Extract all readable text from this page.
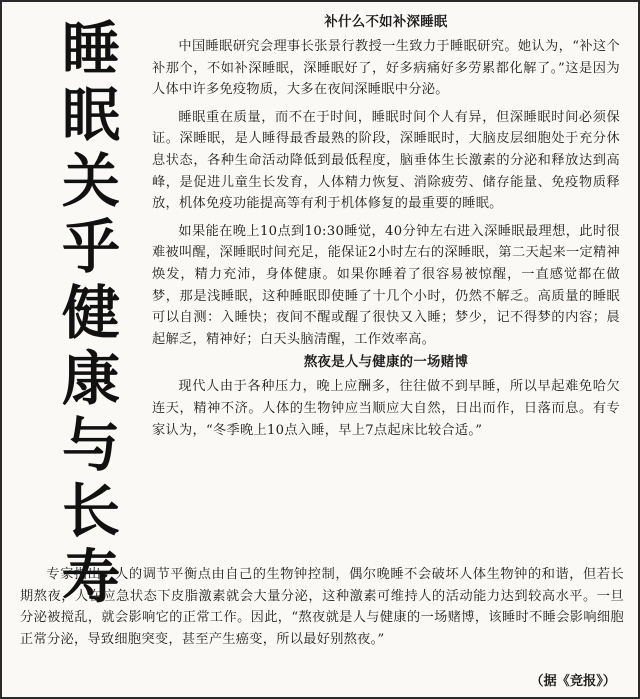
睡
眠
关
乎
健
康
与
长
寿
补什么不如补深睡眠

中国睡眠研究会理事长张景行教授一生致力于睡眠研究。她认为，“补这个补那个，不如补深睡眠，深睡眠好了，好多病痛好多劳累都化解了。”这是因为人体中许多免疫物质，大多在夜间深睡眠中分泌。

睡眠重在质量，而不在于时间，睡眠时间个人有异，但深睡眠时间必须保证。深睡眠，是人睡得最香最熟的阶段，深睡眠时，大脑皮层细胞处于充分休息状态，各种生命活动降低到最低程度，脑垂体生长激素的分泌和释放达到高峰，是促进儿童生长发育，人体精力恢复、消除疲劳、储存能量、免疫物质释放，机体免疫功能提高等有利于机体修复的最重要的睡眠。

如果能在晚上10点到10:30睡觉，40分钟左右进入深睡眠最理想，此时很难被叫醒，深睡眠时间充足，能保证2小时左右的深睡眠，第二天起来一定精神焕发，精力充沛，身体健康。如果你睡着了很容易被惊醒，一直感觉都在做梦，那是浅睡眠，这种睡眠即使睡了十几个小时，仍然不解乏。高质量的睡眠可以自测：入睡快；夜间不醒或醒了很快又入睡；梦少，记不得梦的内容；晨起解乏，精神好；白天头脑清醒，工作效率高。

熬夜是人与健康的一场赌博

现代人由于各种压力，晚上应酬多，往往做不到早睡，所以早起难免哈欠连天，精神不济。人体的生物钟应当顺应大自然，日出而作，日落而息。有专家认为，“冬季晚上10点入睡，早上7点起床比较合适。”

专家指出，人的调节平衡点由自己的生物钟控制，偶尔晚睡不会破坏人体生物钟的和谐，但若长期熬夜，人在应急状态下皮脂激素就会大量分泌，这种激素可维持人的活动能力达到较高水平。一旦分泌被搅乱，就会影响它的正常工作。因此，“熬夜就是人与健康的一场赌博，该睡时不睡会影响细胞正常分泌，导致细胞突变，甚至产生癌变，所以最好别熬夜。”

（据《竞报》）
